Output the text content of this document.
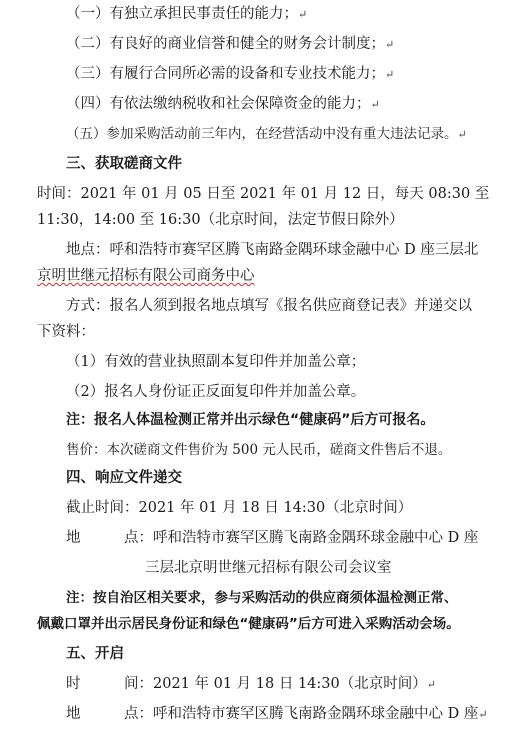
（一）有独立承担民事责任的能力；↵
（二）有良好的商业信誉和健全的财务会计制度；↵
（三）有履行合同所必需的设备和专业技术能力；↵
（四）有依法缴纳税收和社会保障资金的能力；↵
（五）参加采购活动前三年内，在经营活动中没有重大违法记录。↵
三、获取磋商文件
时间：2021 年 01 月 05 日至 2021 年 01 月 12 日，每天 08:30 至
11:30，14:00 至 16:30（北京时间，法定节假日除外）
地点：呼和浩特市赛罕区腾飞南路金隅环球金融中心 D 座三层北
京明世继元招标有限公司商务中心
方式：报名人须到报名地点填写《报名供应商登记表》并递交以
下资料：
（1）有效的营业执照副本复印件并加盖公章；
（2）报名人身份证正反面复印件并加盖公章。
注：报名人体温检测正常并出示绿色“健康码”后方可报名。
售价：本次磋商文件售价为 500 元人民币，磋商文件售后不退。
四、响应文件递交
截止时间：2021 年 01 月 18 日 14:30（北京时间）
地　　　点：呼和浩特市赛罕区腾飞南路金隅环球金融中心 D 座
三层北京明世继元招标有限公司会议室
注：按自治区相关要求，参与采购活动的供应商须体温检测正常、
佩戴口罩并出示居民身份证和绿色“健康码”后方可进入采购活动会场。
五、开启
时　　　间：2021 年 01 月 18 日 14:30（北京时间）↵
地　　　点：呼和浩特市赛罕区腾飞南路金隅环球金融中心 D 座↵
